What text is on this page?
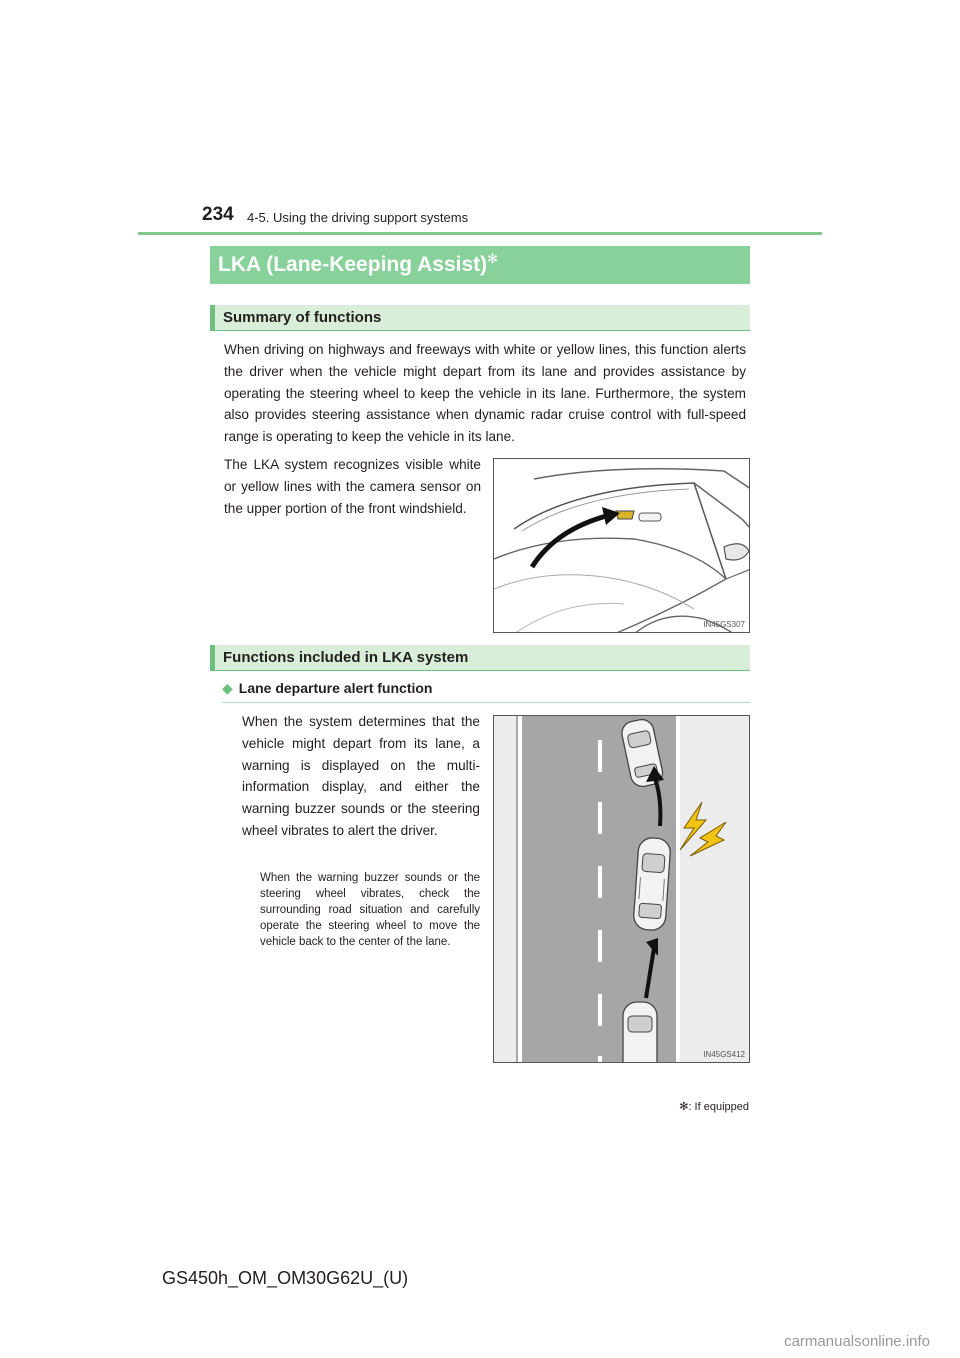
234 4-5. Using the driving support systems
LKA (Lane-Keeping Assist)✻
Summary of functions

When driving on highways and freeways with white or yellow lines, this function alerts the driver when the vehicle might depart from its lane and provides assistance by operating the steering wheel to keep the vehicle in its lane. Furthermore, the system also provides steering assistance when dynamic radar cruise control with full-speed range is operating to keep the vehicle in its lane.

The LKA system recognizes visible white or yellow lines with the camera sensor on the upper portion of the front windshield.

IN45GS307
Functions included in LKA system
◆ Lane departure alert function

When the system determines that the vehicle might depart from its lane, a warning is displayed on the multi-information display, and either the warning buzzer sounds or the steering wheel vibrates to alert the driver.

When the warning buzzer sounds or the steering wheel vibrates, check the surrounding road situation and carefully operate the steering wheel to move the vehicle back to the center of the lane.

IN45GS412
✻: If equipped
GS450h_OM_OM30G62U_(U)
carmanualsonline.info
